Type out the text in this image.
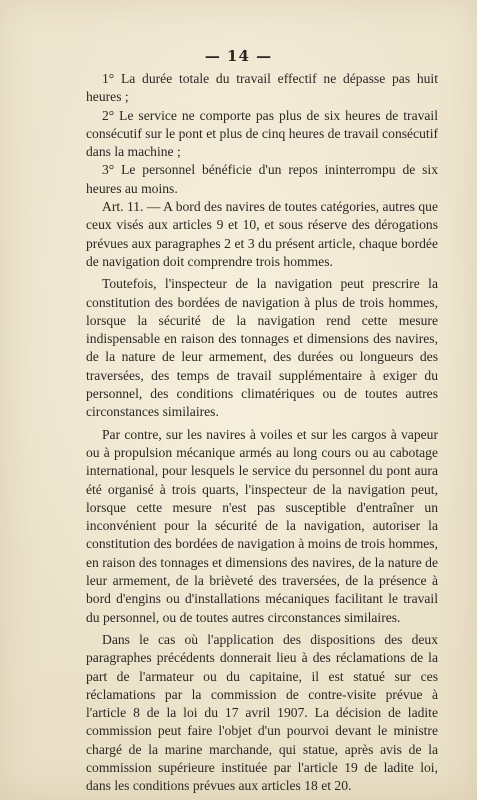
— 14 —

1° La durée totale du travail effectif ne dépasse pas huit heures ;

2° Le service ne comporte pas plus de six heures de travail consécutif sur le pont et plus de cinq heures de travail consécutif dans la machine ;

3° Le personnel bénéficie d'un repos ininterrompu de six heures au moins.

Art. 11. — A bord des navires de toutes catégories, autres que ceux visés aux articles 9 et 10, et sous réserve des dérogations prévues aux paragraphes 2 et 3 du présent article, chaque bordée de navigation doit comprendre trois hommes.

Toutefois, l'inspecteur de la navigation peut prescrire la constitution des bordées de navigation à plus de trois hommes, lorsque la sécurité de la navigation rend cette mesure indispensable en raison des tonnages et dimensions des navires, de la nature de leur armement, des durées ou longueurs des traversées, des temps de travail supplémentaire à exiger du personnel, des conditions climatériques ou de toutes autres circonstances similaires.

Par contre, sur les navires à voiles et sur les cargos à vapeur ou à propulsion mécanique armés au long cours ou au cabotage international, pour lesquels le service du personnel du pont aura été organisé à trois quarts, l'inspecteur de la navigation peut, lorsque cette mesure n'est pas susceptible d'entraîner un inconvénient pour la sécurité de la navigation, autoriser la constitution des bordées de navigation à moins de trois hommes, en raison des tonnages et dimensions des navires, de la nature de leur armement, de la brièveté des traversées, de la présence à bord d'engins ou d'installations mécaniques facilitant le travail du personnel, ou de toutes autres circonstances similaires.

Dans le cas où l'application des dispositions des deux paragraphes précédents donnerait lieu à des réclamations de la part de l'armateur ou du capitaine, il est statué sur ces réclamations par la commission de contre-visite prévue à l'article 8 de la loi du 17 avril 1907. La décision de ladite commission peut faire l'objet d'un pourvoi devant le ministre chargé de la marine marchande, qui statue, après avis de la commission supérieure instituée par l'article 19 de ladite loi, dans les conditions prévues aux articles 18 et 20.
